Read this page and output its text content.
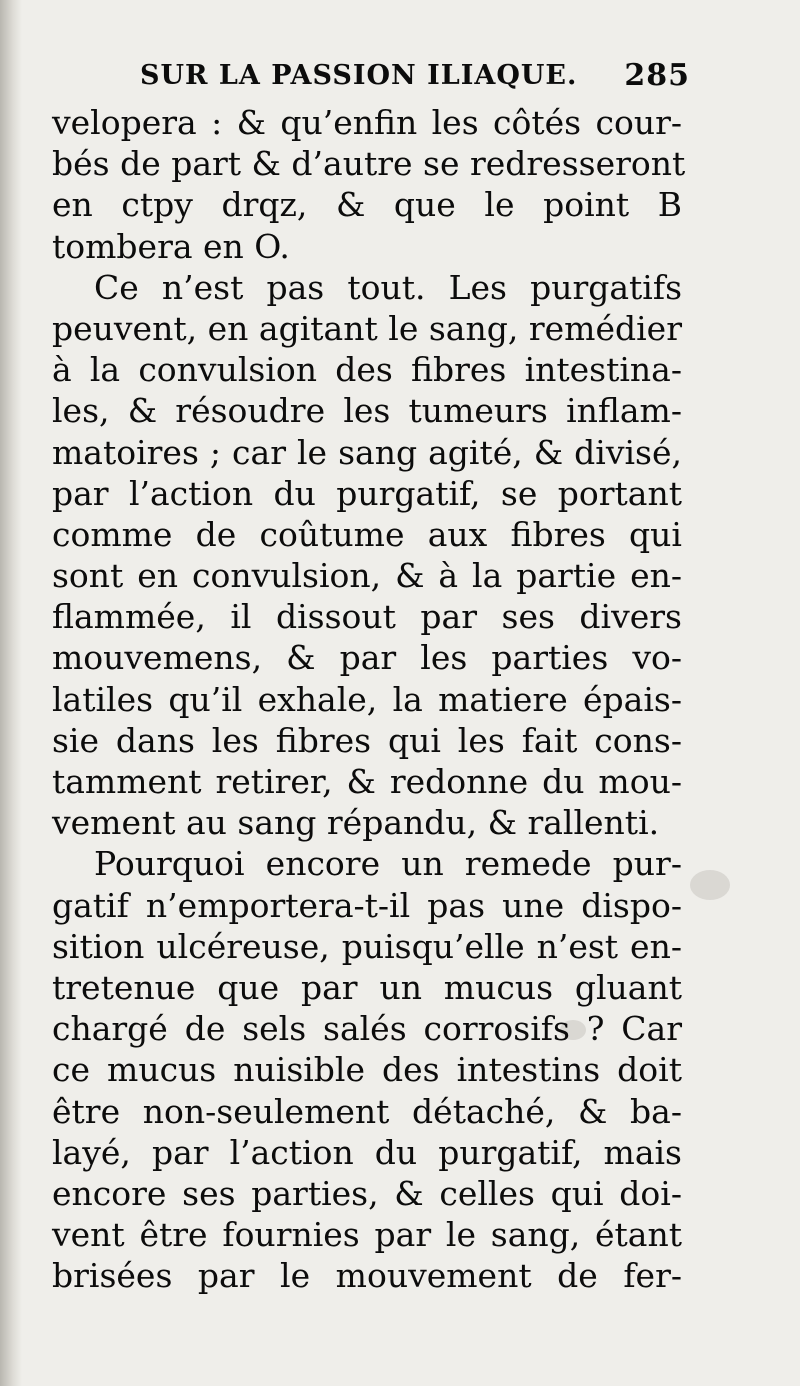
SUR LA PASSION ILIAQUE. 285
velopera : & qu’enfin les côtés cour-
bés de part & d’autre se redresseront
en ctpy drqz, & que le point B
tombera en O.
Ce n’est pas tout. Les purgatifs
peuvent, en agitant le sang, remédier
à la convulsion des fibres intestina-
les, & résoudre les tumeurs inflam-
matoires ; car le sang agité, & divisé,
par l’action du purgatif, se portant
comme de coûtume aux fibres qui
sont en convulsion, & à la partie en-
flammée, il dissout par ses divers
mouvemens, & par les parties vo-
latiles qu’il exhale, la matiere épais-
sie dans les fibres qui les fait cons-
tamment retirer, & redonne du mou-
vement au sang répandu, & rallenti.
Pourquoi encore un remede pur-
gatif n’emportera-t-il pas une dispo-
sition ulcéreuse, puisqu’elle n’est en-
tretenue que par un mucus gluant
chargé de sels salés corrosifs ? Car
ce mucus nuisible des intestins doit
être non-seulement détaché, & ba-
layé, par l’action du purgatif, mais
encore ses parties, & celles qui doi-
vent être fournies par le sang, étant
brisées par le mouvement de fer-
